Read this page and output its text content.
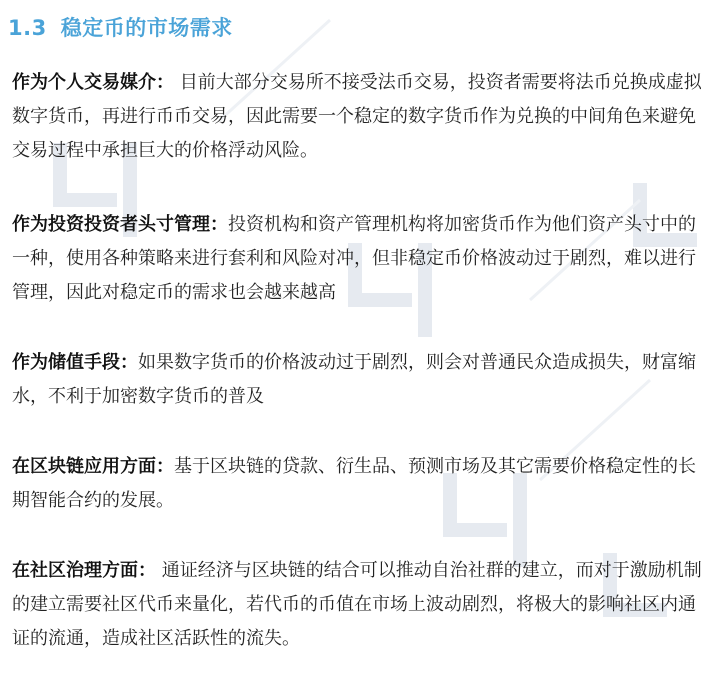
1.3 稳定币的市场需求

作为个人交易媒介： 目前大部分交易所不接受法币交易，投资者需要将法币兑换成虚拟数字货币，再进行币币交易，因此需要一个稳定的数字货币作为兑换的中间角色来避免交易过程中承担巨大的价格浮动风险。

作为投资投资者头寸管理：投资机构和资产管理机构将加密货币作为他们资产头寸中的一种，使用各种策略来进行套利和风险对冲，但非稳定币价格波动过于剧烈，难以进行管理，因此对稳定币的需求也会越来越高

作为储值手段：如果数字货币的价格波动过于剧烈，则会对普通民众造成损失，财富缩水，不利于加密数字货币的普及

在区块链应用方面：基于区块链的贷款、衍生品、预测市场及其它需要价格稳定性的长期智能合约的发展。

在社区治理方面： 通证经济与区块链的结合可以推动自治社群的建立，而对于激励机制的建立需要社区代币来量化，若代币的币值在市场上波动剧烈，将极大的影响社区内通证的流通，造成社区活跃性的流失。
